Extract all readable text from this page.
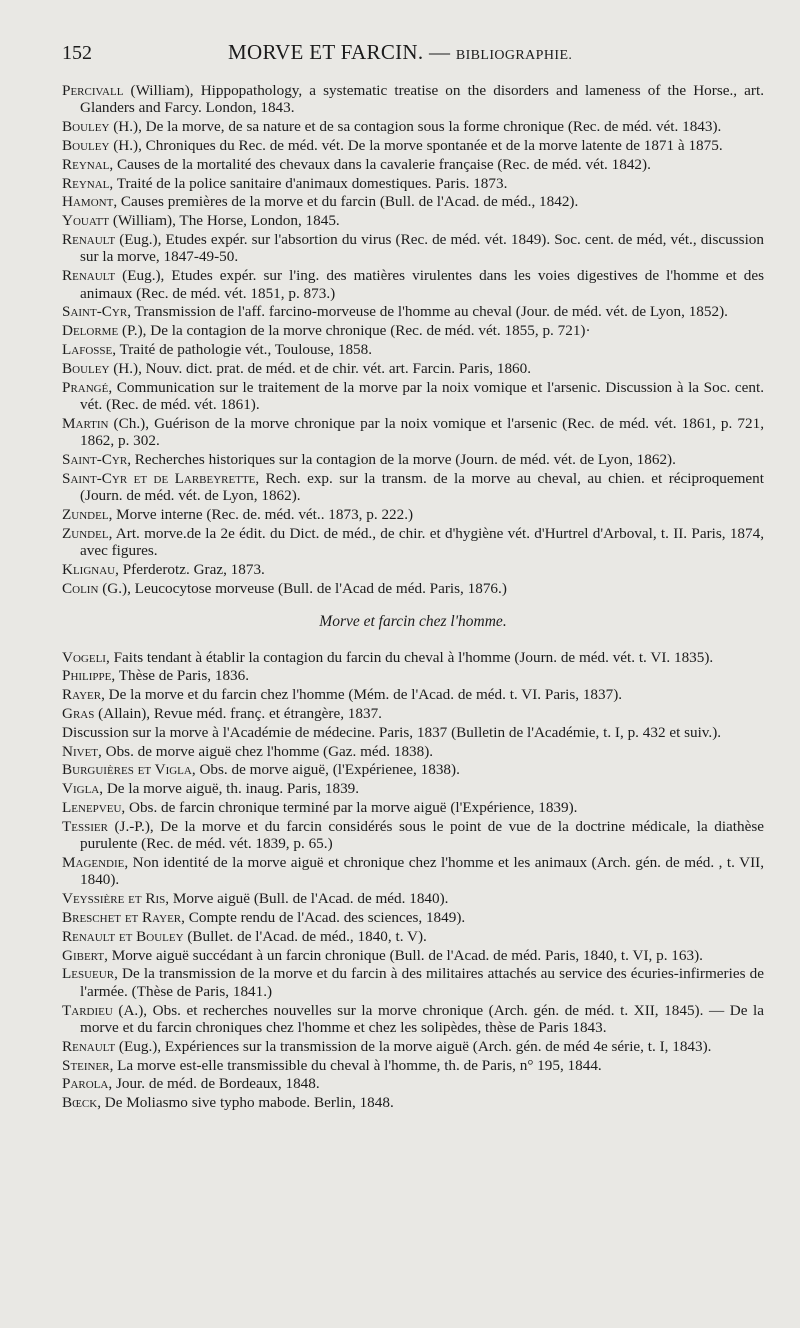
152	MORVE ET FARCIN. — BIBLIOGRAPHIE.

Percivall (William), Hippopathology, a systematic treatise on the disorders and lameness of the Horse., art. Glanders and Farcy. London, 1843.

Bouley (H.), De la morve, de sa nature et de sa contagion sous la forme chronique (Rec. de méd. vét. 1843).

Bouley (H.), Chroniques du Rec. de méd. vét. De la morve spontanée et de la morve latente de 1871 à 1875.

Reynal, Causes de la mortalité des chevaux dans la cavalerie française (Rec. de méd. vét. 1842).

Reynal, Traité de la police sanitaire d'animaux domestiques. Paris. 1873.

Hamont, Causes premières de la morve et du farcin (Bull. de l'Acad. de méd., 1842).

Youatt (William), The Horse, London, 1845.

Renault (Eug.), Etudes expér. sur l'absortion du virus (Rec. de méd. vét. 1849). Soc. cent. de méd, vét., discussion sur la morve, 1847-49-50.

Renault (Eug.), Etudes expér. sur l'ing. des matières virulentes dans les voies digestives de l'homme et des animaux (Rec. de méd. vét. 1851, p. 873.)

Saint-Cyr, Transmission de l'aff. farcino-morveuse de l'homme au cheval (Jour. de méd. vét. de Lyon, 1852).

Delorme (P.), De la contagion de la morve chronique (Rec. de méd. vét. 1855, p. 721)·

Lafosse, Traité de pathologie vét., Toulouse, 1858.

Bouley (H.), Nouv. dict. prat. de méd. et de chir. vét. art. Farcin. Paris, 1860.

Prangé, Communication sur le traitement de la morve par la noix vomique et l'arsenic. Discussion à la Soc. cent. vét. (Rec. de méd. vét. 1861).

Martin (Ch.), Guérison de la morve chronique par la noix vomique et l'arsenic (Rec. de méd. vét. 1861, p. 721, 1862, p. 302.

Saint-Cyr, Recherches historiques sur la contagion de la morve (Journ. de méd. vét. de Lyon, 1862).

Saint-Cyr et de Larbeyrette, Rech. exp. sur la transm. de la morve au cheval, au chien. et réciproquement (Journ. de méd. vét. de Lyon, 1862).

Zundel, Morve interne (Rec. de. méd. vét.. 1873, p. 222.)

Zundel, Art. morve.de la 2e édit. du Dict. de méd., de chir. et d'hygiène vét. d'Hurtrel d'Arboval, t. II. Paris, 1874, avec figures.

Klignau, Pferderotz. Graz, 1873.

Colin (G.), Leucocytose morveuse (Bull. de l'Acad de méd. Paris, 1876.)

Morve et farcin chez l'homme.

Vogeli, Faits tendant à établir la contagion du farcin du cheval à l'homme (Journ. de méd. vét. t. VI. 1835).

Philippe, Thèse de Paris, 1836.

Rayer, De la morve et du farcin chez l'homme (Mém. de l'Acad. de méd. t. VI. Paris, 1837).

Gras (Allain), Revue méd. franç. et étrangère, 1837.

Discussion sur la morve à l'Académie de médecine. Paris, 1837 (Bulletin de l'Académie, t. I, p. 432 et suiv.).

Nivet, Obs. de morve aiguë chez l'homme (Gaz. méd. 1838).

Burguières et Vigla, Obs. de morve aiguë, (l'Expérienee, 1838).

Vigla, De la morve aiguë, th. inaug. Paris, 1839.

Lenepveu, Obs. de farcin chronique terminé par la morve aiguë (l'Expérience, 1839).

Tessier (J.-P.), De la morve et du farcin considérés sous le point de vue de la doctrine médicale, la diathèse purulente (Rec. de méd. vét. 1839, p. 65.)

Magendie, Non identité de la morve aiguë et chronique chez l'homme et les animaux (Arch. gén. de méd. , t. VII, 1840).

Veyssière et Ris, Morve aiguë (Bull. de l'Acad. de méd. 1840).

Breschet et Rayer, Compte rendu de l'Acad. des sciences, 1849).

Renault et Bouley (Bullet. de l'Acad. de méd., 1840, t. V).

Gibert, Morve aiguë succédant à un farcin chronique (Bull. de l'Acad. de méd. Paris, 1840, t. VI, p. 163).

Lesueur, De la transmission de la morve et du farcin à des militaires attachés au service des écuries-infirmeries de l'armée. (Thèse de Paris, 1841.)

Tardieu (A.), Obs. et recherches nouvelles sur la morve chronique (Arch. gén. de méd. t. XII, 1845). — De la morve et du farcin chroniques chez l'homme et chez les solipèdes, thèse de Paris 1843.

Renault (Eug.), Expériences sur la transmission de la morve aiguë (Arch. gén. de méd 4e série, t. I, 1843).

Steiner, La morve est-elle transmissible du cheval à l'homme, th. de Paris, n° 195, 1844.

Parola, Jour. de méd. de Bordeaux, 1848.

Bœck, De Moliasmo sive typho mabode. Berlin, 1848.
